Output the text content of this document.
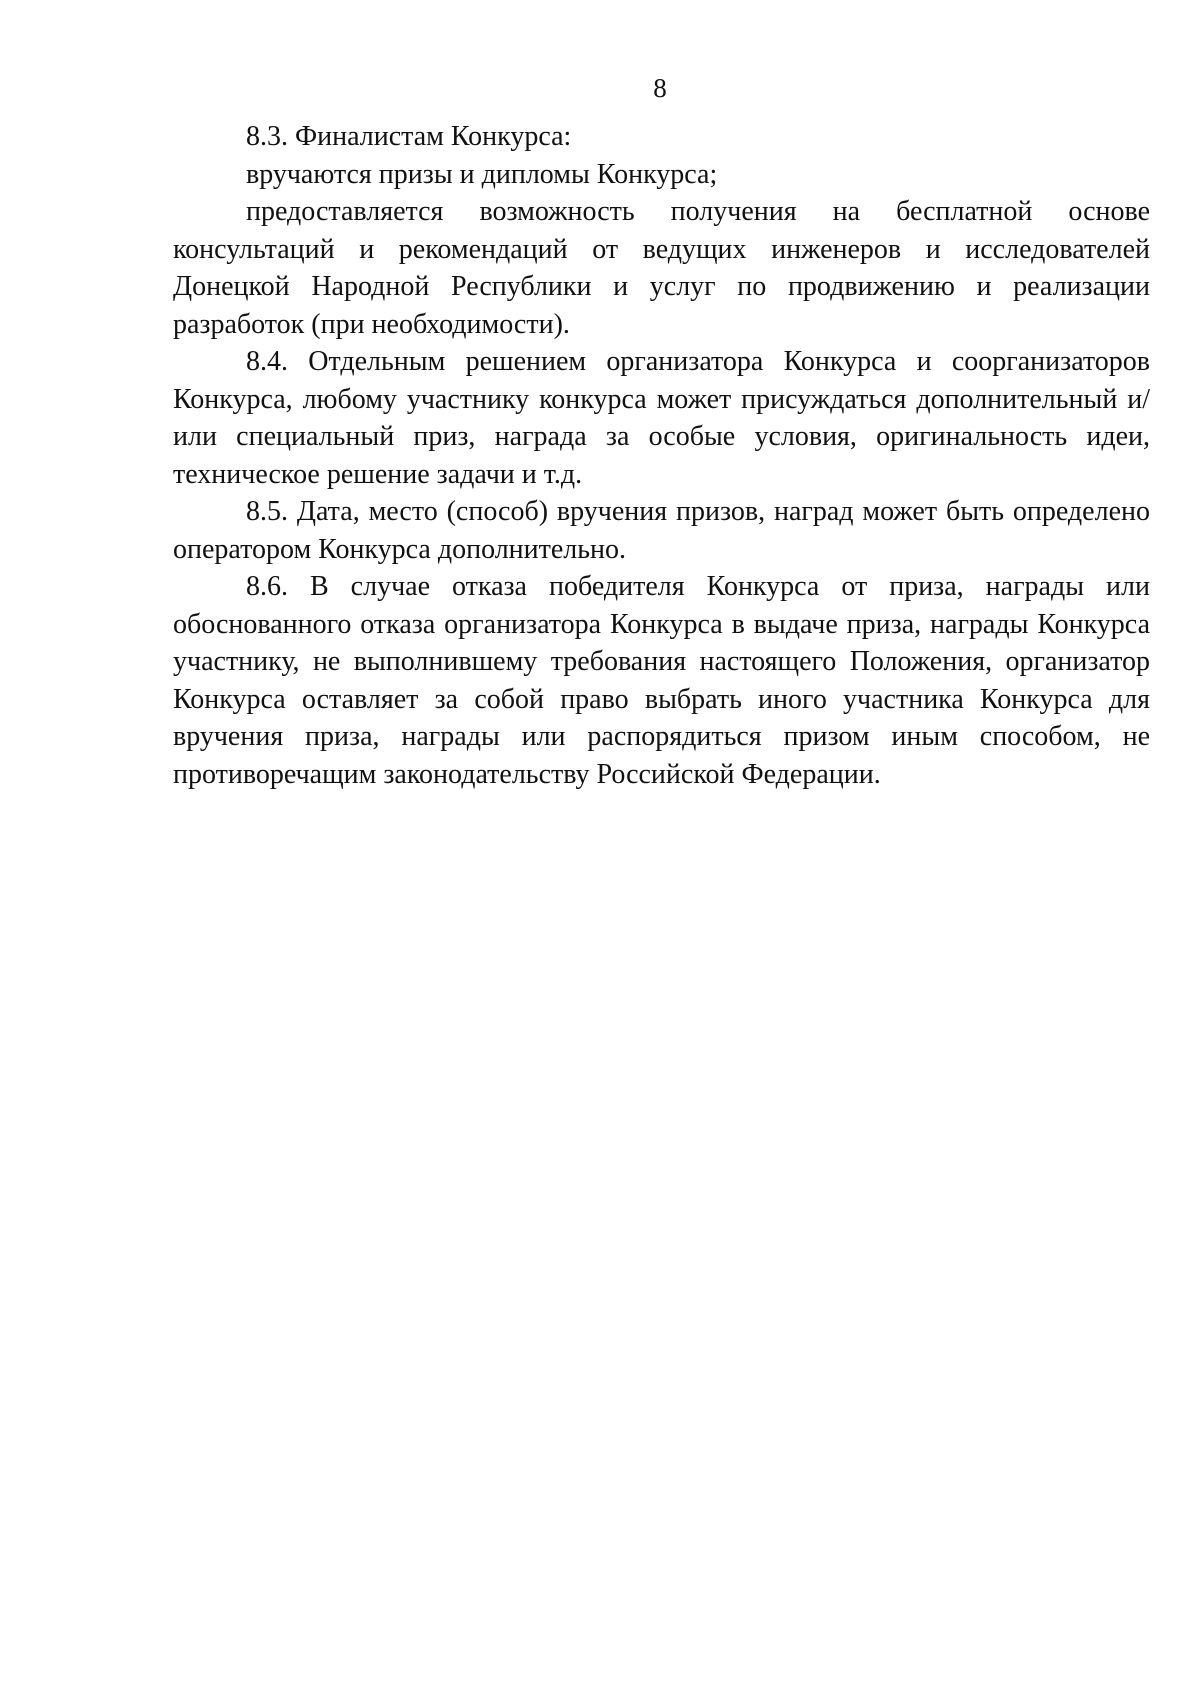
8

8.3. Финалистам Конкурса:

вручаются призы и дипломы Конкурса;

предоставляется возможность получения на бесплатной основе консультаций и рекомендаций от ведущих инженеров и исследователей Донецкой Народной Республики и услуг по продвижению и реализации разработок (при необходимости).

8.4. Отдельным решением организатора Конкурса и соорганизаторов Конкурса, любому участнику конкурса может присуждаться дополнительный и/или специальный приз, награда за особые условия, оригинальность идеи, техническое решение задачи и т.д.

8.5. Дата, место (способ) вручения призов, наград может быть определено оператором Конкурса дополнительно.

8.6. В случае отказа победителя Конкурса от приза, награды или обоснованного отказа организатора Конкурса в выдаче приза, награды Конкурса участнику, не выполнившему требования настоящего Положения, организатор Конкурса оставляет за собой право выбрать иного участника Конкурса для вручения приза, награды или распорядиться призом иным способом, не противоречащим законодательству Российской Федерации.
